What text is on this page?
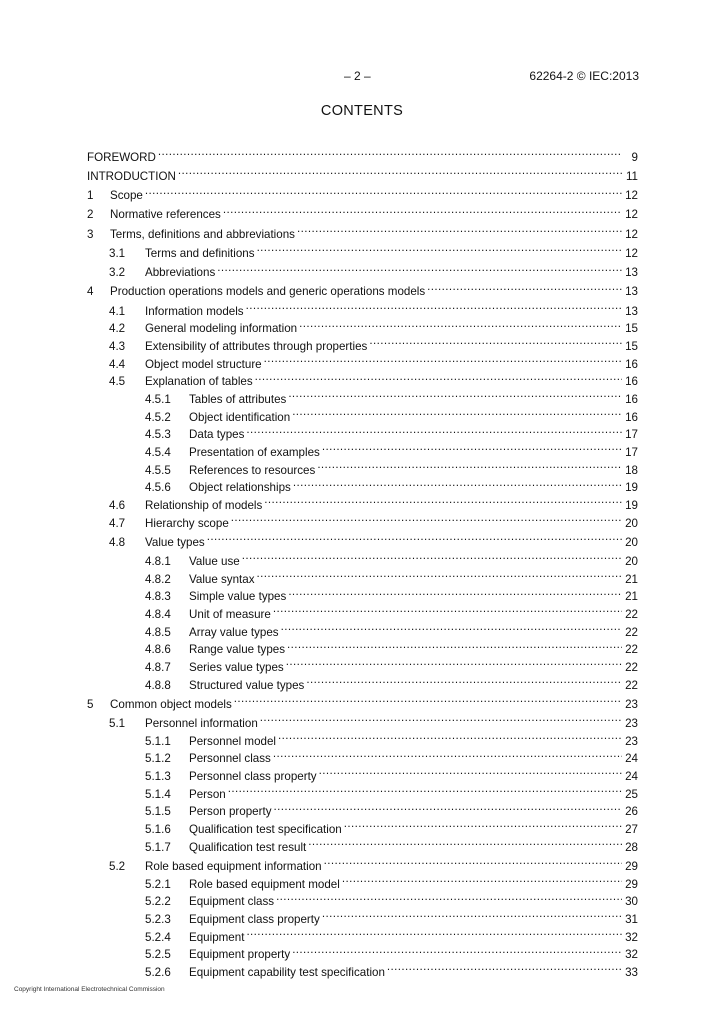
– 2 –	62264-2 © IEC:2013
CONTENTS
FOREWORD .....	9
INTRODUCTION .....	11
1	Scope .....	12
2	Normative references .....	12
3	Terms, definitions and abbreviations .....	12
3.1	Terms and definitions .....	12
3.2	Abbreviations .....	13
4	Production operations models and generic operations models .....	13
4.1	Information models .....	13
4.2	General modeling information .....	15
4.3	Extensibility of attributes through properties .....	15
4.4	Object model structure .....	16
4.5	Explanation of tables .....	16
4.5.1	Tables of attributes .....	16
4.5.2	Object identification .....	16
4.5.3	Data types .....	17
4.5.4	Presentation of examples .....	17
4.5.5	References to resources .....	18
4.5.6	Object relationships .....	19
4.6	Relationship of models .....	19
4.7	Hierarchy scope .....	20
4.8	Value types .....	20
4.8.1	Value use .....	20
4.8.2	Value syntax .....	21
4.8.3	Simple value types .....	21
4.8.4	Unit of measure .....	22
4.8.5	Array value types .....	22
4.8.6	Range value types .....	22
4.8.7	Series value types .....	22
4.8.8	Structured value types .....	22
5	Common object models .....	23
5.1	Personnel information .....	23
5.1.1	Personnel model .....	23
5.1.2	Personnel class .....	24
5.1.3	Personnel class property .....	24
5.1.4	Person .....	25
5.1.5	Person property .....	26
5.1.6	Qualification test specification .....	27
5.1.7	Qualification test result .....	28
5.2	Role based equipment information .....	29
5.2.1	Role based equipment model .....	29
5.2.2	Equipment class .....	30
5.2.3	Equipment class property .....	31
5.2.4	Equipment .....	32
5.2.5	Equipment property .....	32
5.2.6	Equipment capability test specification .....	33
Copyright International Electrotechnical Commission
